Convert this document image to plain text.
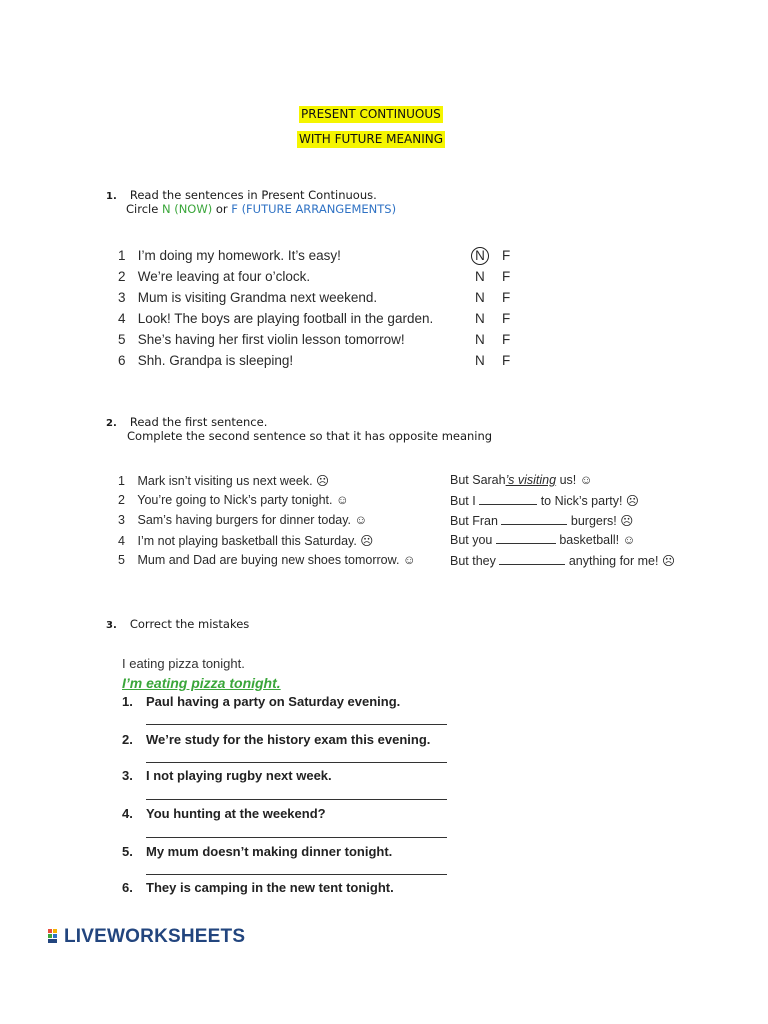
PRESENT CONTINUOUS
WITH FUTURE MEANING
1. Read the sentences in Present Continuous.
Circle N (NOW) or F (FUTURE ARRANGEMENTS)
1 I’m doing my homework. It’s easy!	N	F
2 We’re leaving at four o’clock.	N F
3 Mum is visiting Grandma next weekend.	N F
4 Look! The boys are playing football in the garden.	N F
5 She’s having her first violin lesson tomorrow!	N F
6 Shh. Grandpa is sleeping!	N F
2. Read the first sentence.
Complete the second sentence so that it has opposite meaning
1 Mark isn’t visiting us next week. ☹	But Sarah’s visiting us! ☺
2 You’re going to Nick’s party tonight. ☺	But I	to Nick’s party! ☹
3 Sam’s having burgers for dinner today. ☺	But Fran	burgers! ☹
4 I’m not playing basketball this Saturday. ☹	But you	basketball! ☺
5 Mum and Dad are buying new shoes tomorrow. ☺	But they	anything for me! ☹
3. Correct the mistakes
I eating pizza tonight.
I’m eating pizza tonight.
1. Paul having a party on Saturday evening.
2. We’re study for the history exam this evening.
3. I not playing rugby next week.
4. You hunting at the weekend?
5. My mum doesn’t making dinner tonight.
6. They is camping in the new tent tonight.
LIVEWORKSHEETS
